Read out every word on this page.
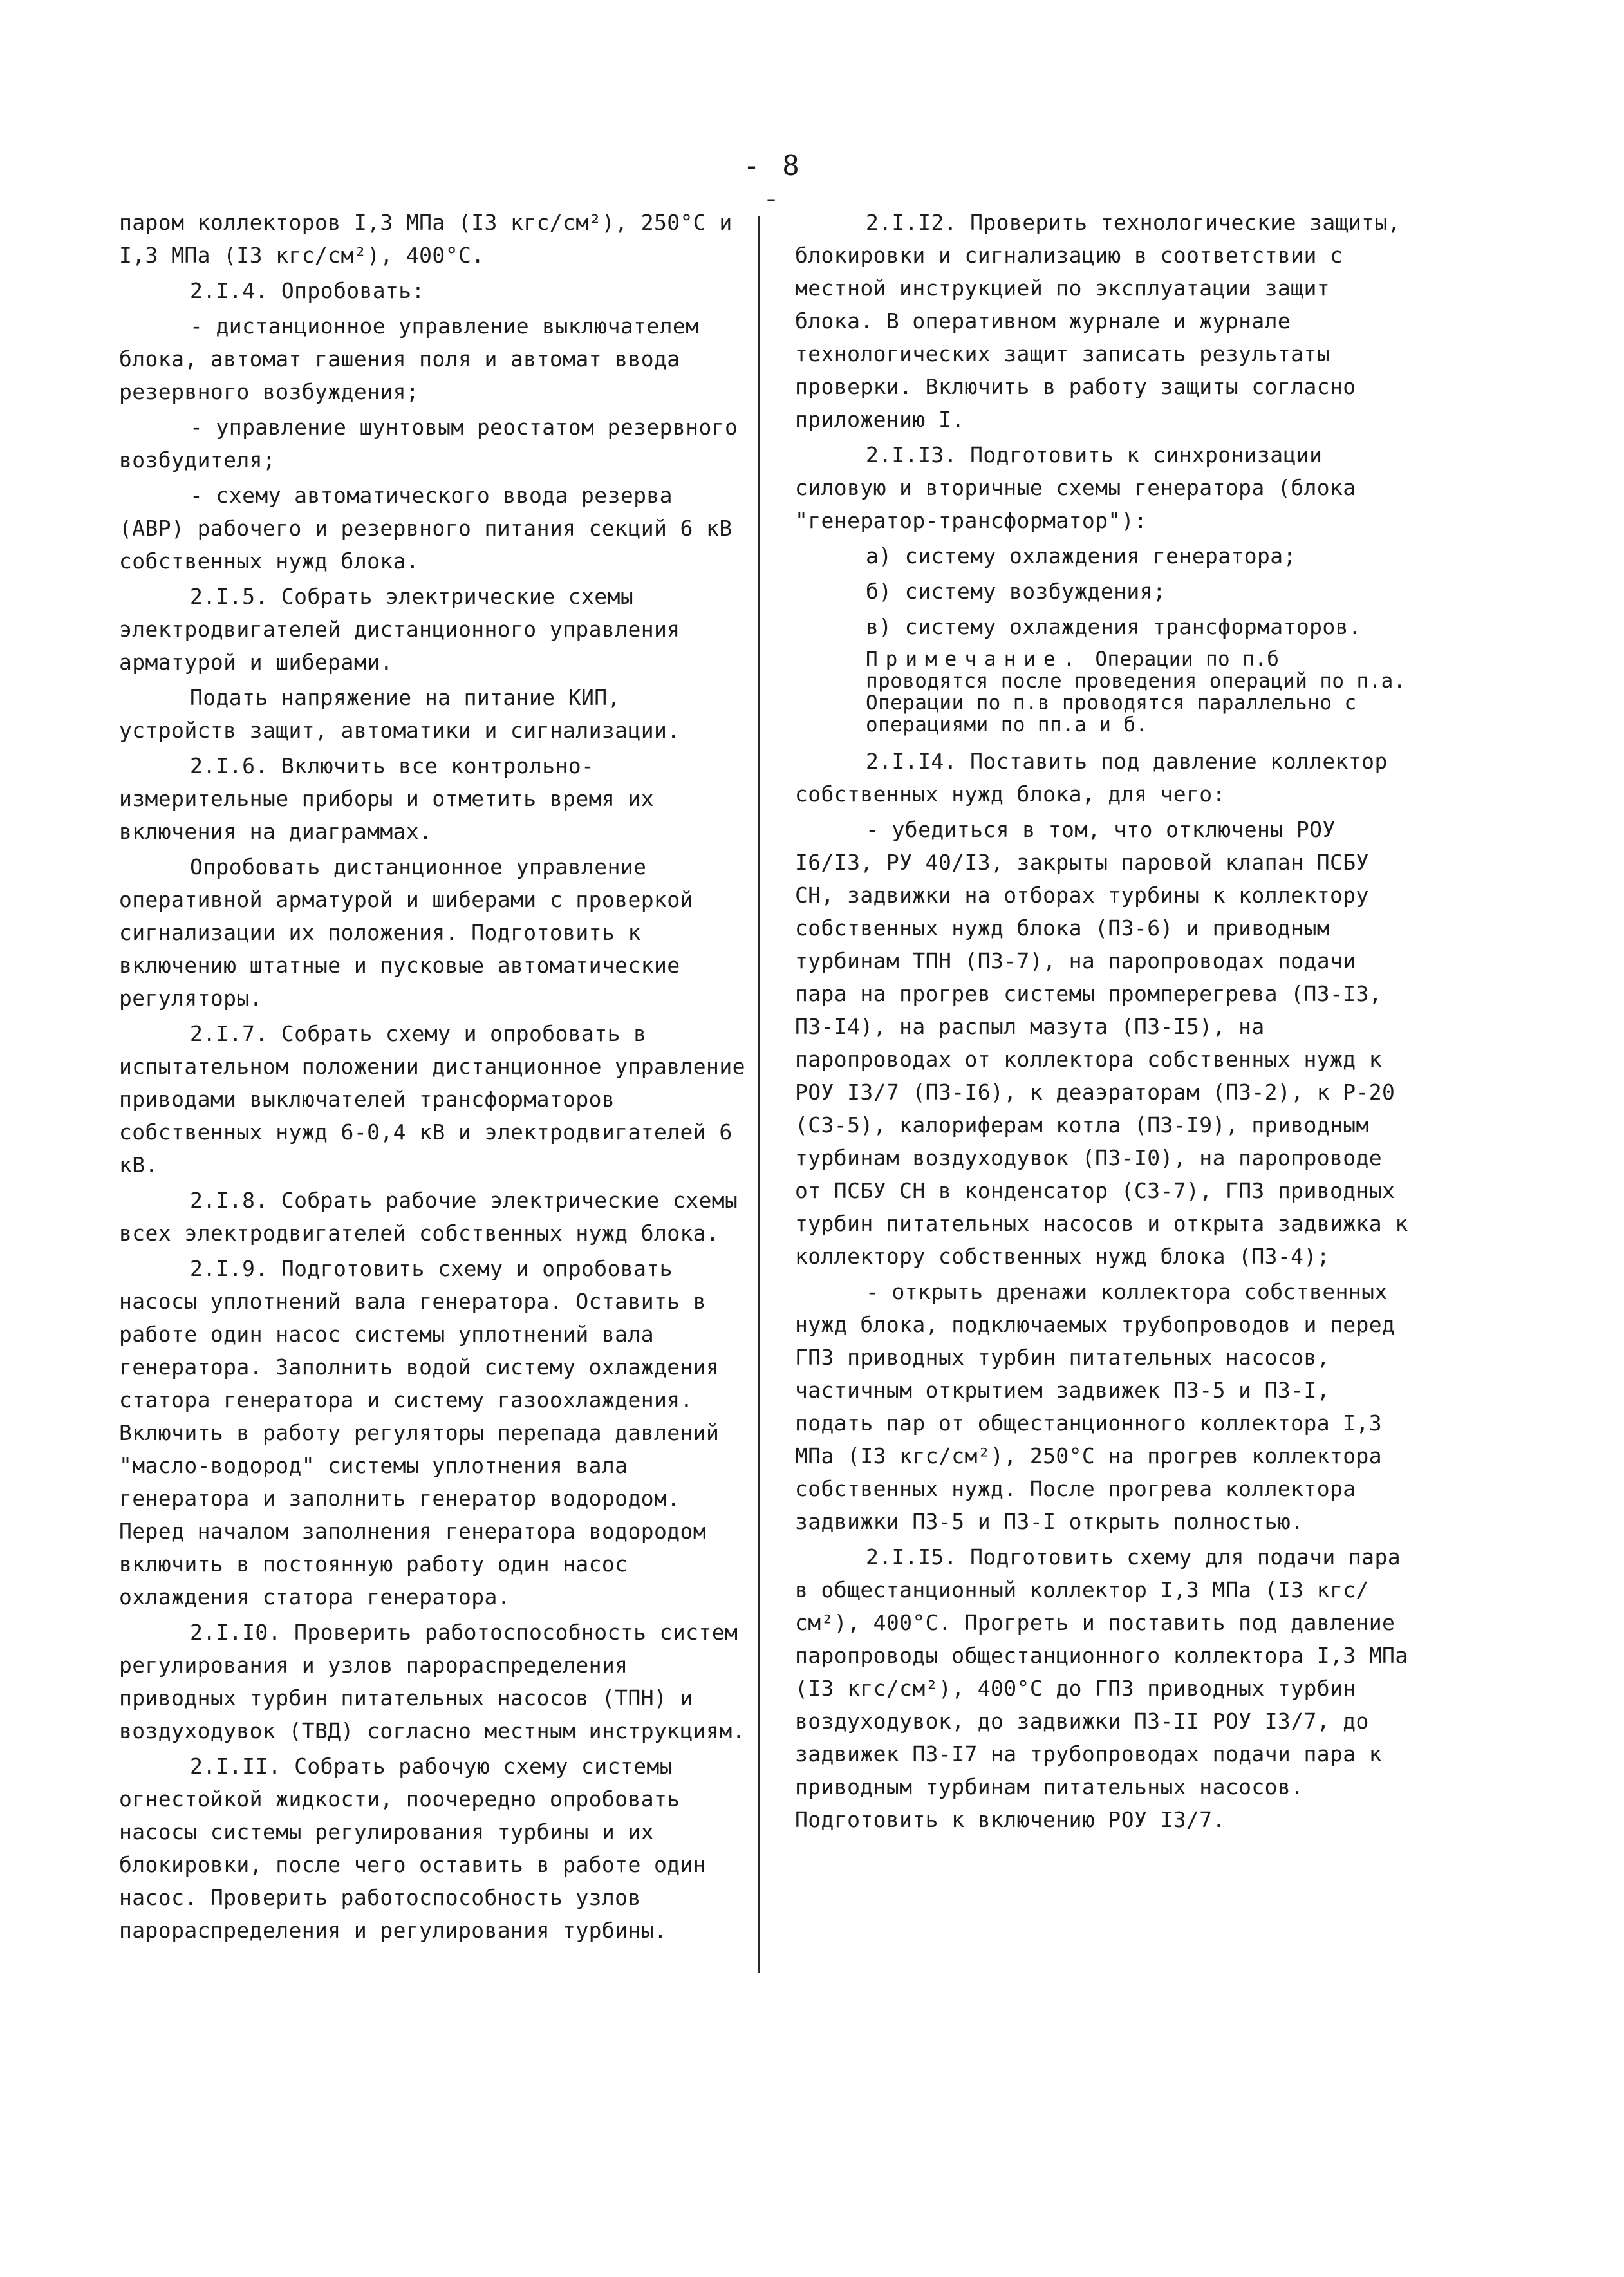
- 8 -

паром коллекторов I,3 МПа (I3 кгс/см²), 250°С и I,3 МПа (I3 кгс/см²), 400°С.

2.I.4. Опробовать:

- дистанционное управление выключателем блока, автомат гашения поля и автомат ввода резервного возбуждения;

- управление шунтовым реостатом резервного возбудителя;

- схему автоматического ввода резерва (АВР) рабочего и резервного питания секций 6 кВ собственных нужд блока.

2.I.5. Собрать электрические схемы электродвигателей дистанционного управления арматурой и шиберами.

Подать напряжение на питание КИП, устройств защит, автоматики и сигнализации.

2.I.6. Включить все контрольно-измерительные приборы и отметить время их включения на диаграммах.

Опробовать дистанционное управление оперативной арматурой и шиберами с проверкой сигнализации их положения. Подготовить к включению штатные и пусковые автоматические регуляторы.

2.I.7. Собрать схему и опробовать в испытательном положении дистанционное управление приводами выключателей трансформаторов собственных нужд 6-0,4 кВ и электродвигателей 6 кВ.

2.I.8. Собрать рабочие электрические схемы всех электродвигателей собственных нужд блока.

2.I.9. Подготовить схему и опробовать насосы уплотнений вала генератора. Оставить в работе один насос системы уплотнений вала генератора. Заполнить водой систему охлаждения статора генератора и систему газоохлаждения. Включить в работу регуляторы перепада давлений "масло-водород" системы уплотнения вала генератора и заполнить генератор водородом. Перед началом заполнения генератора водородом включить в постоянную работу один насос охлаждения статора генератора.

2.I.I0. Проверить работоспособность систем регулирования и узлов парораспределения приводных турбин питательных насосов (ТПН) и воздуходувок (ТВД) согласно местным инструкциям.

2.I.II. Собрать рабочую схему системы огнестойкой жидкости, поочередно опробовать насосы системы регулирования турбины и их блокировки, после чего оставить в работе один насос. Проверить работоспособность узлов парораспределения и регулирования турбины.

2.I.I2. Проверить технологические защиты, блокировки и сигнализацию в соответствии с местной инструкцией по эксплуатации защит блока. В оперативном журнале и журнале технологических защит записать результаты проверки. Включить в работу защиты согласно приложению I.

2.I.I3. Подготовить к синхронизации силовую и вторичные схемы генератора (блока "генератор-трансформатор"):

а) систему охлаждения генератора;

б) систему возбуждения;

в) систему охлаждения трансформаторов.

Примечание. Операции по п.б проводятся после проведения операций по п.а. Операции по п.в проводятся параллельно с операциями по пп.а и б.

2.I.I4. Поставить под давление коллектор собственных нужд блока, для чего:

- убедиться в том, что отключены РОУ I6/I3, РУ 40/I3, закрыты паровой клапан ПСБУ СН, задвижки на отборах турбины к коллектору собственных нужд блока (ПЗ-6) и приводным турбинам ТПН (ПЗ-7), на паропроводах подачи пара на прогрев системы промперегрева (ПЗ-I3, ПЗ-I4), на распыл мазута (ПЗ-I5), на паропроводах от коллектора собственных нужд к РОУ I3/7 (ПЗ-I6), к деаэраторам (ПЗ-2), к Р-20 (СЗ-5), калориферам котла (ПЗ-I9), приводным турбинам воздуходувок (ПЗ-I0), на паропроводе от ПСБУ СН в конденсатор (СЗ-7), ГПЗ приводных турбин питательных насосов и открыта задвижка к коллектору собственных нужд блока (ПЗ-4);

- открыть дренажи коллектора собственных нужд блока, подключаемых трубопроводов и перед ГПЗ приводных турбин питательных насосов, частичным открытием задвижек ПЗ-5 и ПЗ-I, подать пар от общестанционного коллектора I,3 МПа (I3 кгс/см²), 250°С на прогрев коллектора собственных нужд. После прогрева коллектора задвижки ПЗ-5 и ПЗ-I открыть полностью.

2.I.I5. Подготовить схему для подачи пара в общестанционный коллектор I,3 МПа (I3 кгс/см²), 400°С. Прогреть и поставить под давление паропроводы общестанционного коллектора I,3 МПа (I3 кгс/см²), 400°С до ГПЗ приводных турбин воздуходувок, до задвижки ПЗ-II РОУ I3/7, до задвижек ПЗ-I7 на трубопроводах подачи пара к приводным турбинам питательных насосов. Подготовить к включению РОУ I3/7.
